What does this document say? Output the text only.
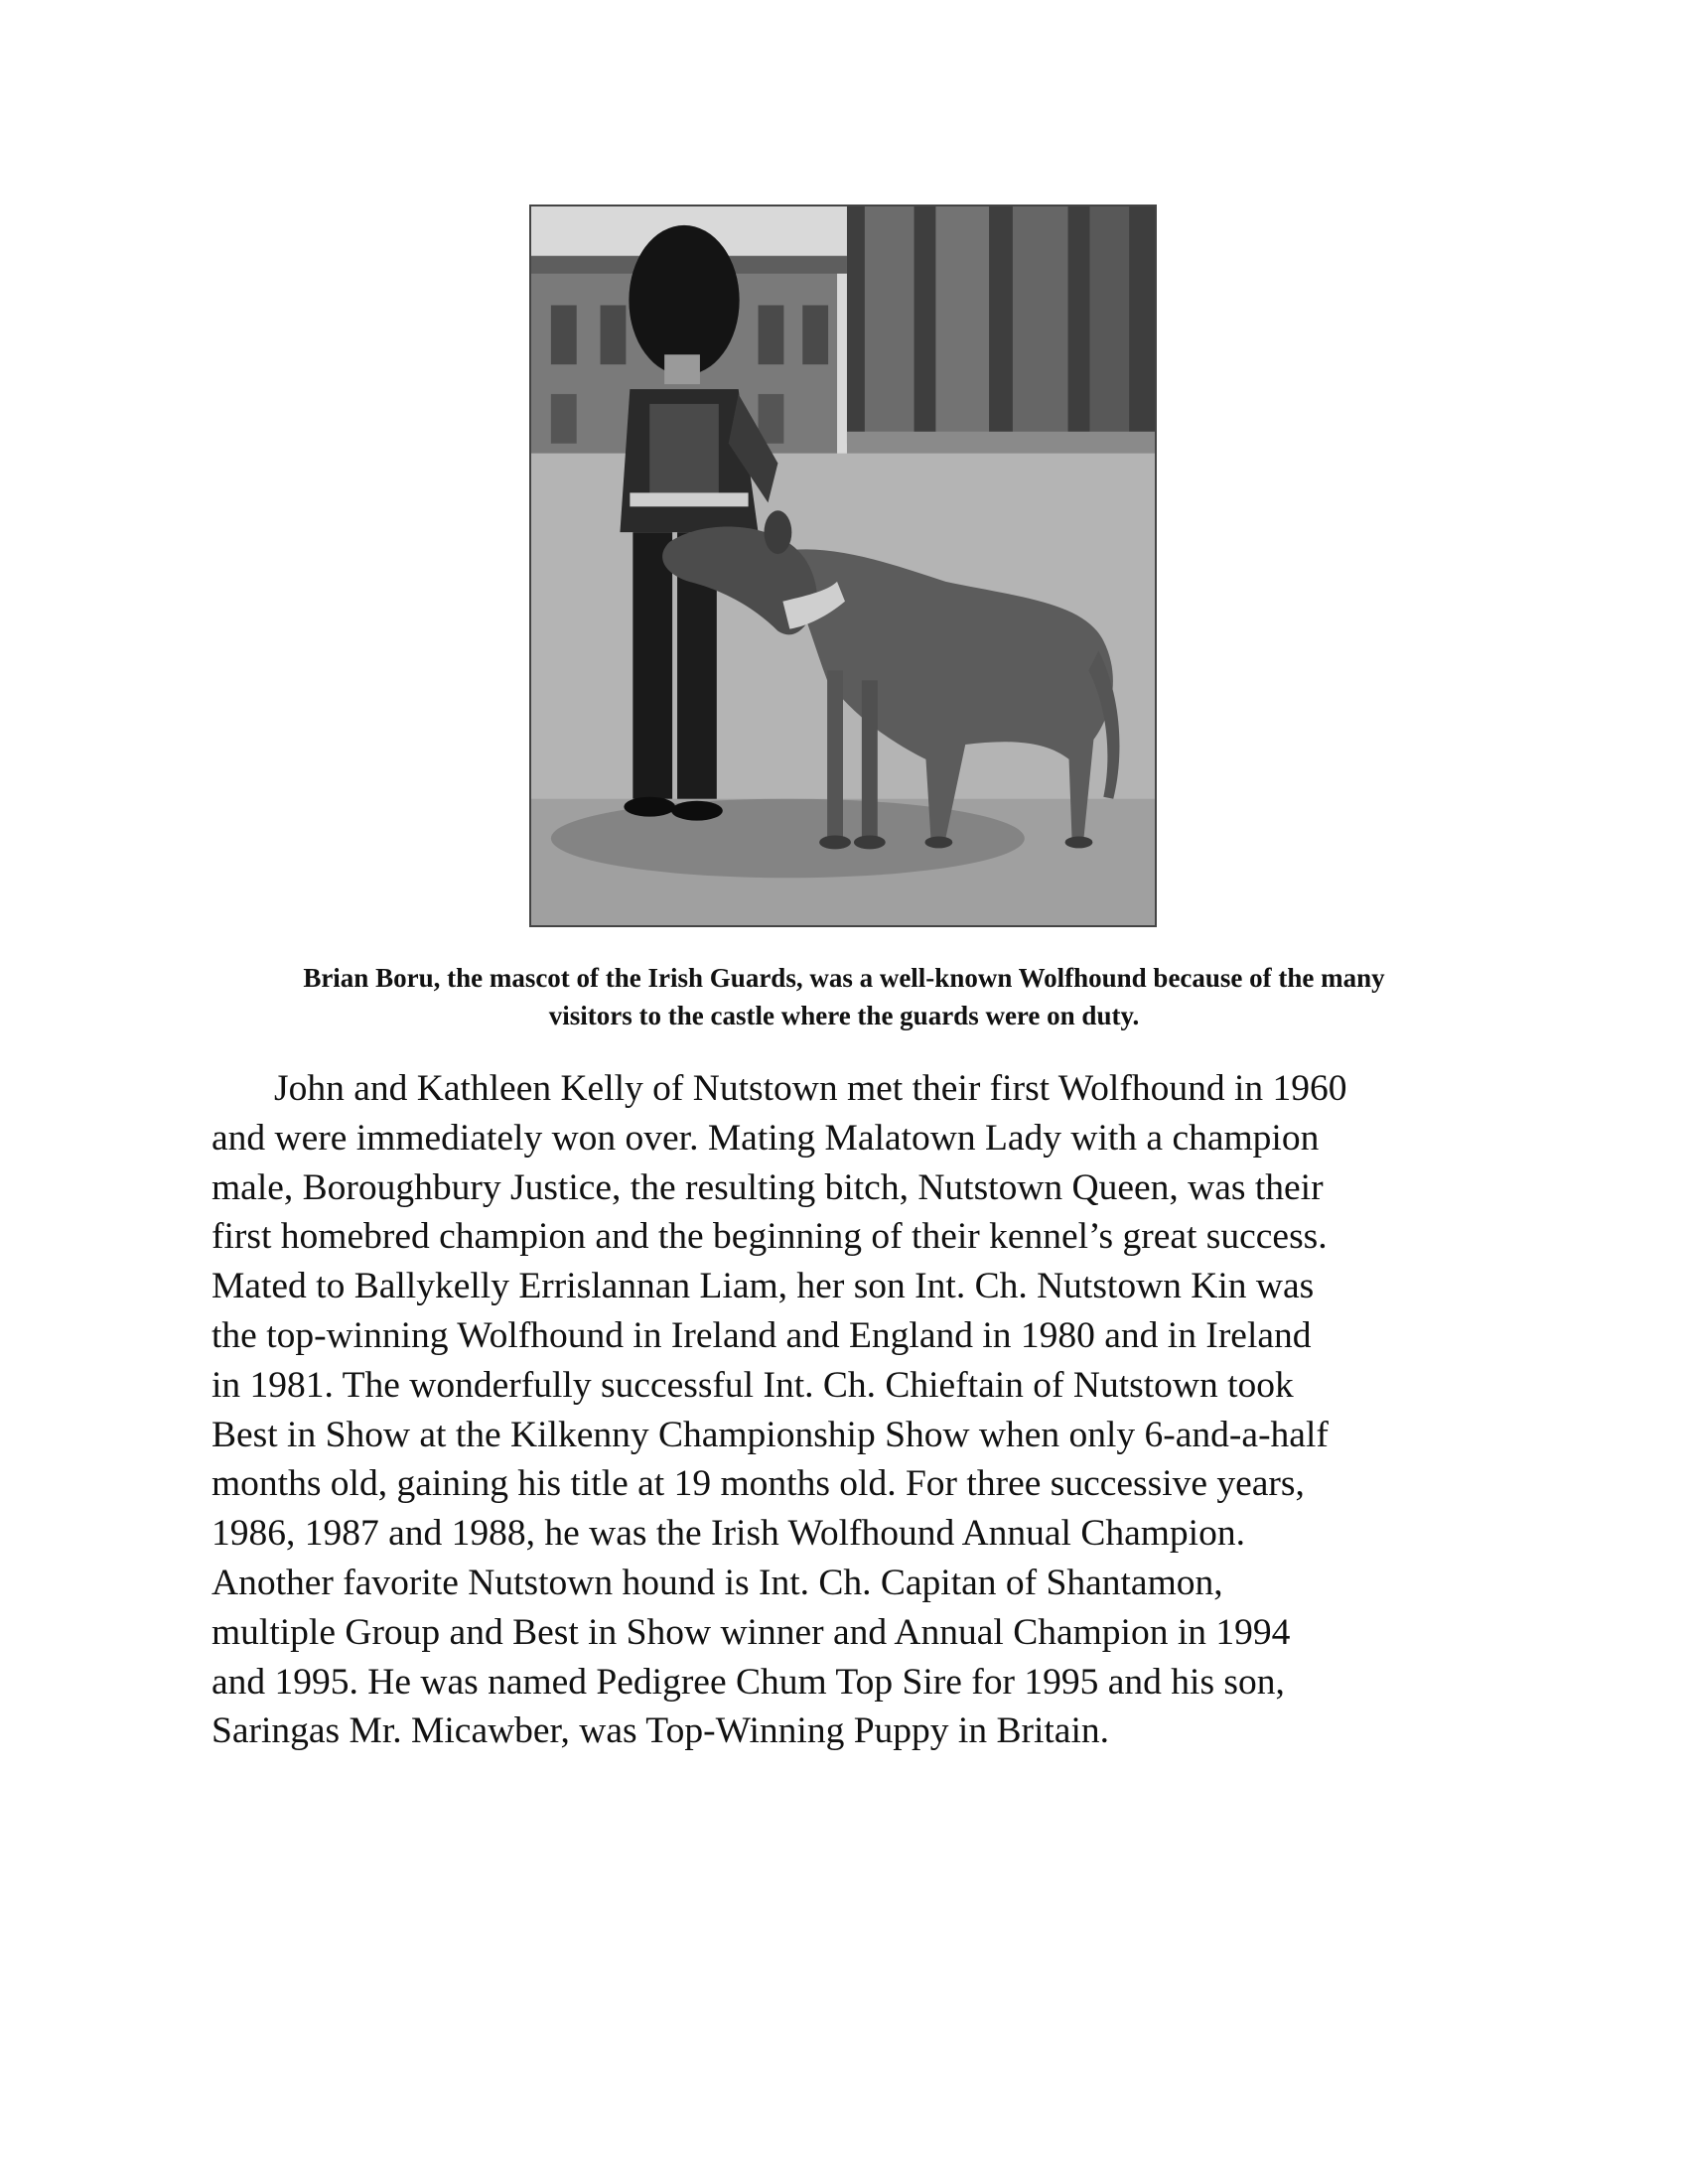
Brian Boru, the mascot of the Irish Guards, was a well-known Wolfhound because of the many
visitors to the castle where the guards were on duty.

John and Kathleen Kelly of Nutstown met their first Wolfhound in 1960
and were immediately won over. Mating Malatown Lady with a champion
male, Boroughbury Justice, the resulting bitch, Nutstown Queen, was their
first homebred champion and the beginning of their kennel’s great success.
Mated to Ballykelly Errislannan Liam, her son Int. Ch. Nutstown Kin was
the top-winning Wolfhound in Ireland and England in 1980 and in Ireland
in 1981. The wonderfully successful Int. Ch. Chieftain of Nutstown took
Best in Show at the Kilkenny Championship Show when only 6-and-a-half
months old, gaining his title at 19 months old. For three successive years,
1986, 1987 and 1988, he was the Irish Wolfhound Annual Champion.
Another favorite Nutstown hound is Int. Ch. Capitan of Shantamon,
multiple Group and Best in Show winner and Annual Champion in 1994
and 1995. He was named Pedigree Chum Top Sire for 1995 and his son,
Saringas Mr. Micawber, was Top-Winning Puppy in Britain.
